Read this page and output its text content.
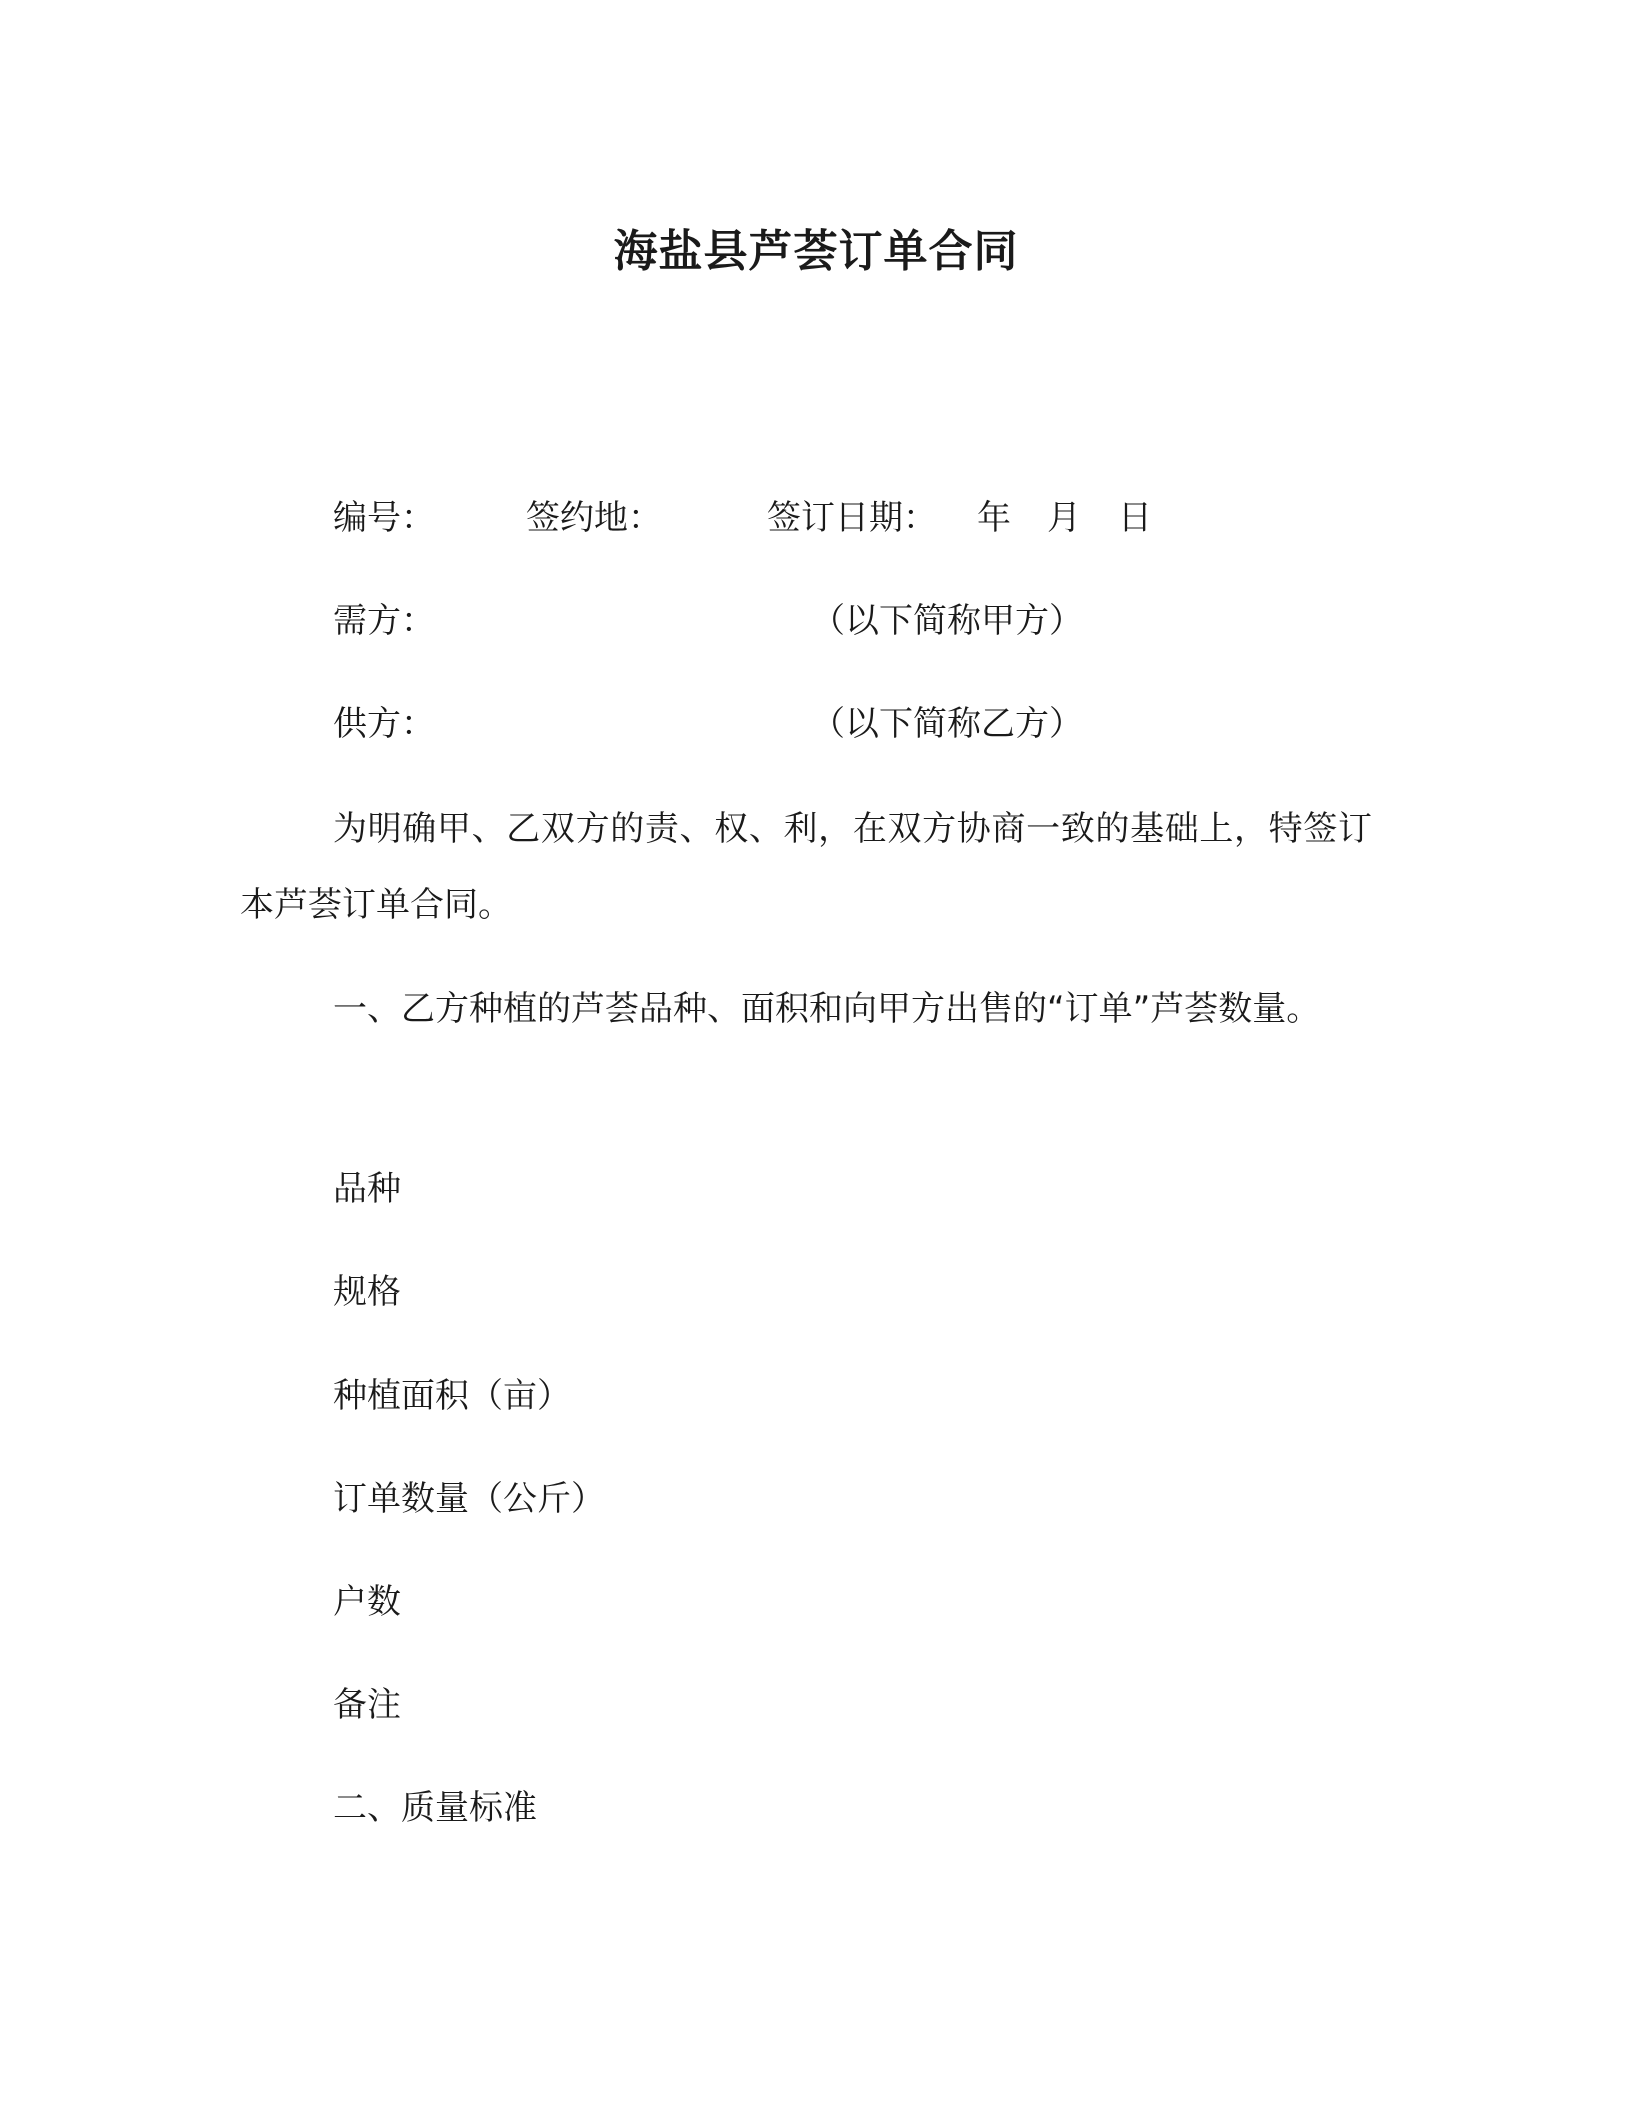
海盐县芦荟订单合同
编号：	签约地：	签订日期： 年 月 日
需方：	（以下简称甲方）
供方：	（以下简称乙方）
为明确甲、乙双方的责、权、利，在双方协商一致的基础上，特签订本芦荟订单合同。
一、乙方种植的芦荟品种、面积和向甲方出售的“订单”芦荟数量。
品种
规格
种植面积（亩）
订单数量（公斤）
户数
备注
二、质量标准
